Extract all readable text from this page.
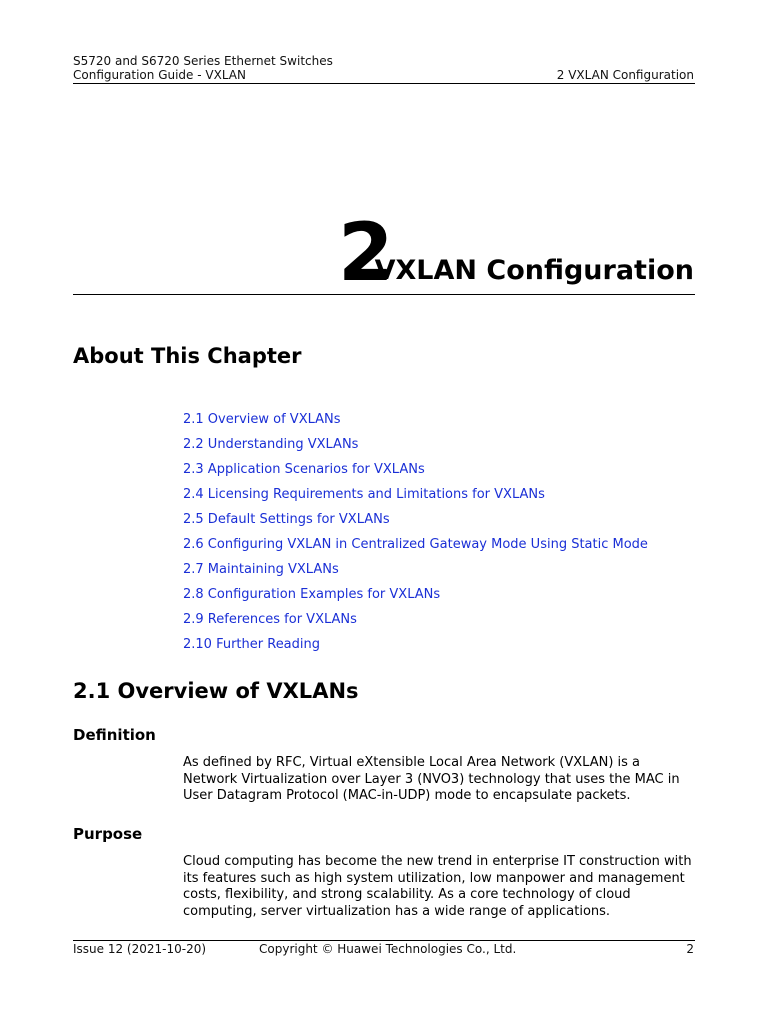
S5720 and S6720 Series Ethernet Switches
Configuration Guide - VXLAN	2 VXLAN Configuration
2
VXLAN Configuration
About This Chapter
2.1 Overview of VXLANs
2.2 Understanding VXLANs
2.3 Application Scenarios for VXLANs
2.4 Licensing Requirements and Limitations for VXLANs
2.5 Default Settings for VXLANs
2.6 Configuring VXLAN in Centralized Gateway Mode Using Static Mode
2.7 Maintaining VXLANs
2.8 Configuration Examples for VXLANs
2.9 References for VXLANs
2.10 Further Reading
2.1 Overview of VXLANs
Definition
As defined by RFC, Virtual eXtensible Local Area Network (VXLAN) is a Network Virtualization over Layer 3 (NVO3) technology that uses the MAC in User Datagram Protocol (MAC-in-UDP) mode to encapsulate packets.
Purpose
Cloud computing has become the new trend in enterprise IT construction with its features such as high system utilization, low manpower and management costs, flexibility, and strong scalability. As a core technology of cloud computing, server virtualization has a wide range of applications.
Issue 12 (2021-10-20)	Copyright © Huawei Technologies Co., Ltd.	2
